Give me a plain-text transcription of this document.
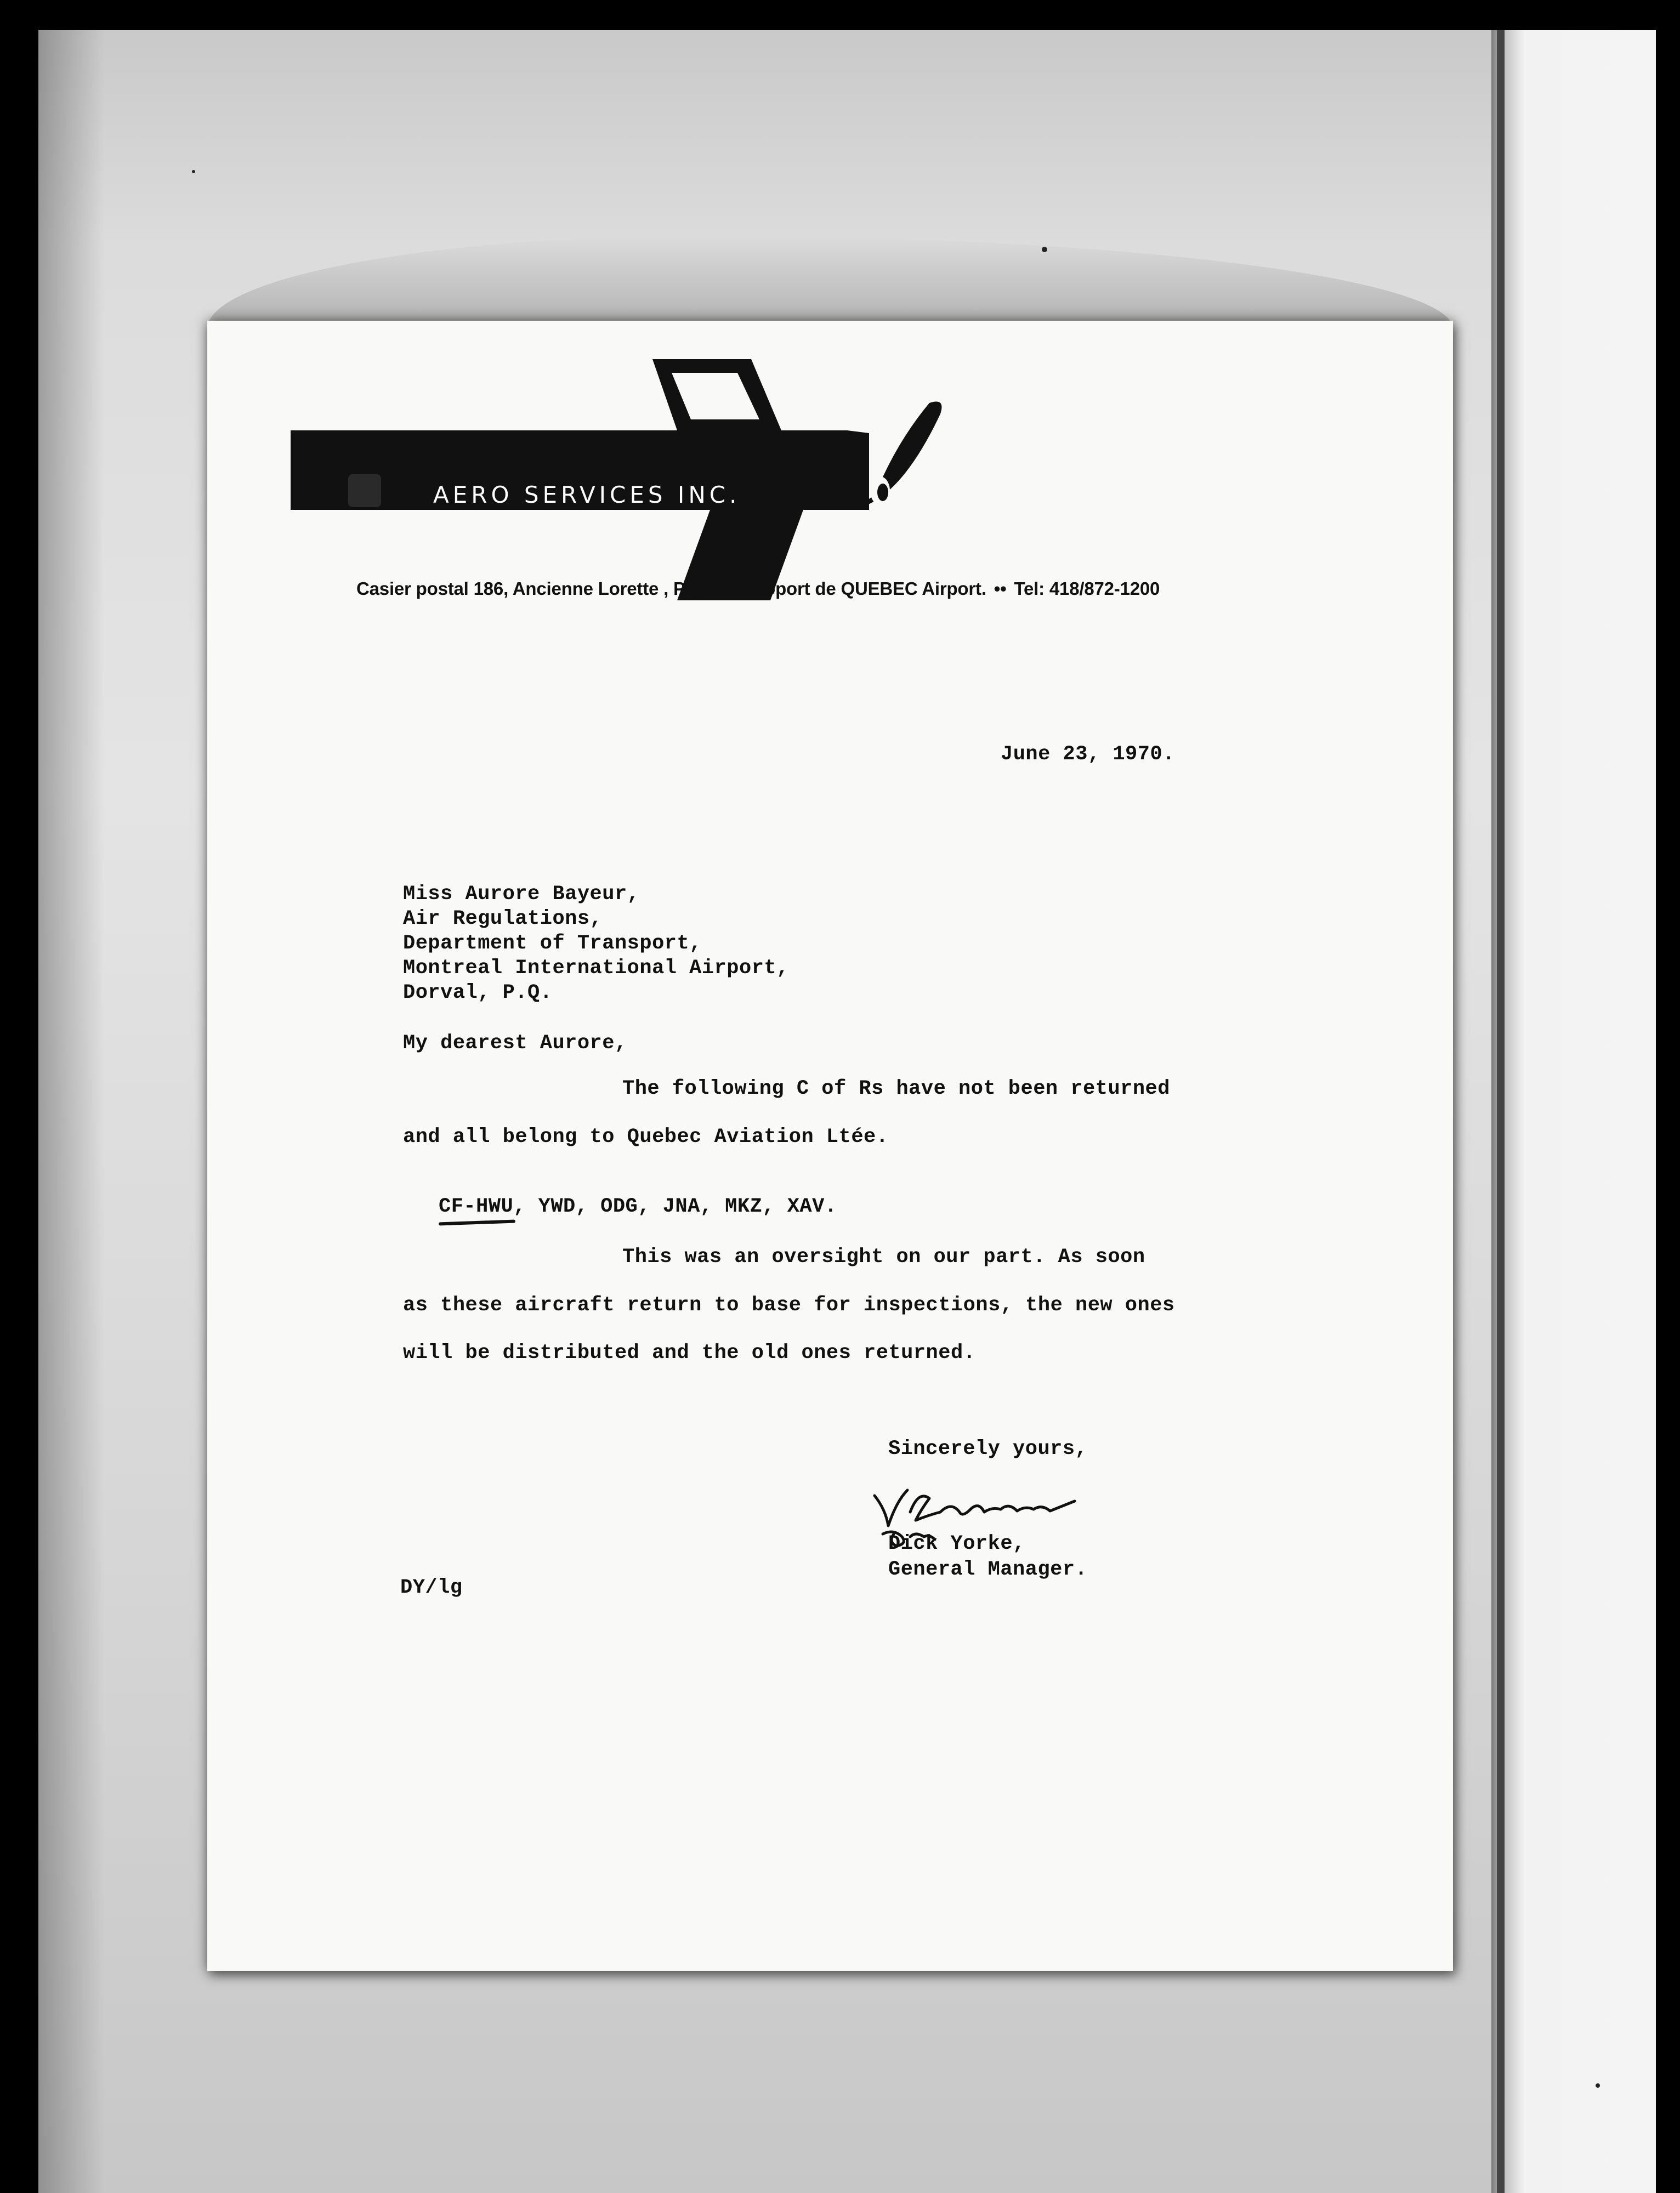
AERO SERVICES INC.
Casier postal 186, Ancienne Lorette , P.Q. •• Aêroport de QUEBEC Airport. •• Tel: 418/872-1200
June 23, 1970.
Miss Aurore Bayeur,
Air Regulations,
Department of Transport,
Montreal International Airport,
Dorval, P.Q.
My dearest Aurore,
The following C of Rs have not been returned
and all belong to Quebec Aviation Ltée.
CF-HWU, YWD, ODG, JNA, MKZ, XAV.
This was an oversight on our part. As soon
as these aircraft return to base for inspections, the new ones
will be distributed and the old ones returned.
Sincerely yours,
Dick Yorke,
General Manager.
DY/lg
